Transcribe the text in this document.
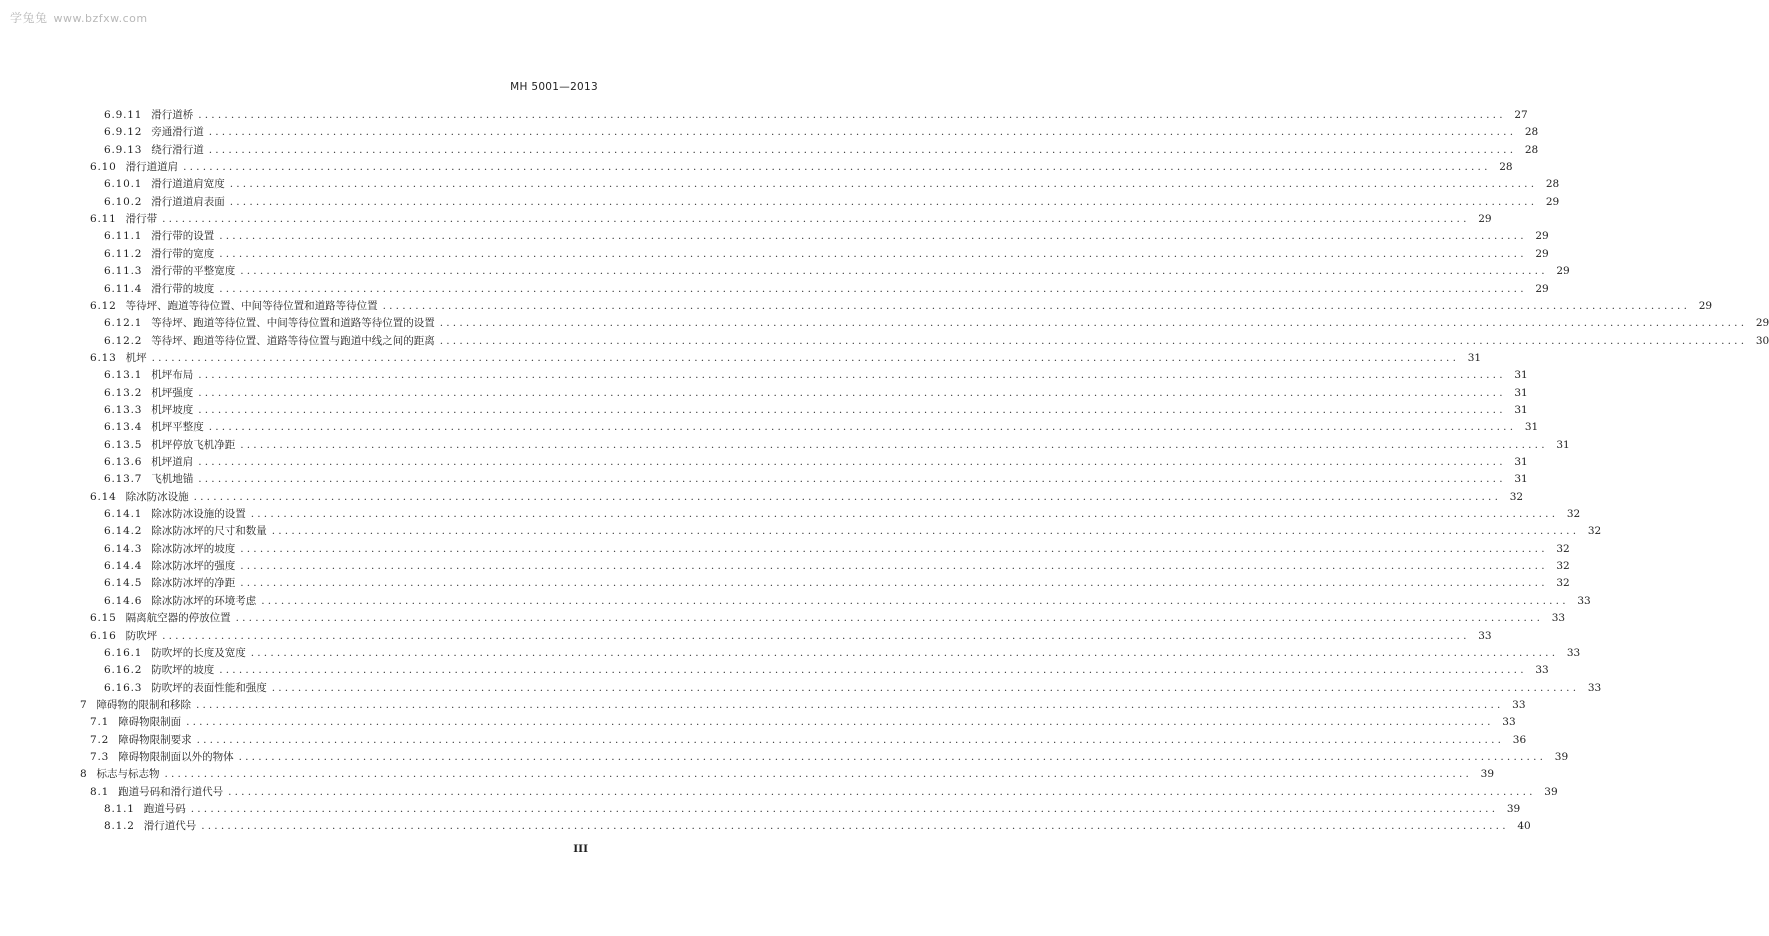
学兔兔 www.bzfxw.com
MH 5001—2013
6.9.11 滑行道桥 ........................................................................................................................................................................................................ 27
6.9.12 旁通滑行道 ........................................................................................................................................................................................................ 28
6.9.13 绕行滑行道 ........................................................................................................................................................................................................ 28
6.10 滑行道道肩 ........................................................................................................................................................................................................ 28
6.10.1 滑行道道肩宽度 ........................................................................................................................................................................................................ 28
6.10.2 滑行道道肩表面 ........................................................................................................................................................................................................ 29
6.11 滑行带 ........................................................................................................................................................................................................ 29
6.11.1 滑行带的设置 ........................................................................................................................................................................................................ 29
6.11.2 滑行带的宽度 ........................................................................................................................................................................................................ 29
6.11.3 滑行带的平整宽度 ........................................................................................................................................................................................................ 29
6.11.4 滑行带的坡度 ........................................................................................................................................................................................................ 29
6.12 等待坪、跑道等待位置、中间等待位置和道路等待位置 ........................................................................................................................................................................................................ 29
6.12.1 等待坪、跑道等待位置、中间等待位置和道路等待位置的设置 ........................................................................................................................................................................................................ 29
6.12.2 等待坪、跑道等待位置、道路等待位置与跑道中线之间的距离 ........................................................................................................................................................................................................ 30
6.13 机坪 ........................................................................................................................................................................................................ 31
6.13.1 机坪布局 ........................................................................................................................................................................................................ 31
6.13.2 机坪强度 ........................................................................................................................................................................................................ 31
6.13.3 机坪坡度 ........................................................................................................................................................................................................ 31
6.13.4 机坪平整度 ........................................................................................................................................................................................................ 31
6.13.5 机坪停放飞机净距 ........................................................................................................................................................................................................ 31
6.13.6 机坪道肩 ........................................................................................................................................................................................................ 31
6.13.7 飞机地锚 ........................................................................................................................................................................................................ 31
6.14 除冰防冰设施 ........................................................................................................................................................................................................ 32
6.14.1 除冰防冰设施的设置 ........................................................................................................................................................................................................ 32
6.14.2 除冰防冰坪的尺寸和数量 ........................................................................................................................................................................................................ 32
6.14.3 除冰防冰坪的坡度 ........................................................................................................................................................................................................ 32
6.14.4 除冰防冰坪的强度 ........................................................................................................................................................................................................ 32
6.14.5 除冰防冰坪的净距 ........................................................................................................................................................................................................ 32
6.14.6 除冰防冰坪的环境考虑 ........................................................................................................................................................................................................ 33
6.15 隔离航空器的停放位置 ........................................................................................................................................................................................................ 33
6.16 防吹坪 ........................................................................................................................................................................................................ 33
6.16.1 防吹坪的长度及宽度 ........................................................................................................................................................................................................ 33
6.16.2 防吹坪的坡度 ........................................................................................................................................................................................................ 33
6.16.3 防吹坪的表面性能和强度 ........................................................................................................................................................................................................ 33
7 障碍物的限制和移除 ........................................................................................................................................................................................................ 33
7.1 障碍物限制面 ........................................................................................................................................................................................................ 33
7.2 障碍物限制要求 ........................................................................................................................................................................................................ 36
7.3 障碍物限制面以外的物体 ........................................................................................................................................................................................................ 39
8 标志与标志物 ........................................................................................................................................................................................................ 39
8.1 跑道号码和滑行道代号 ........................................................................................................................................................................................................ 39
8.1.1 跑道号码 ........................................................................................................................................................................................................ 39
8.1.2 滑行道代号 ........................................................................................................................................................................................................ 40
III
